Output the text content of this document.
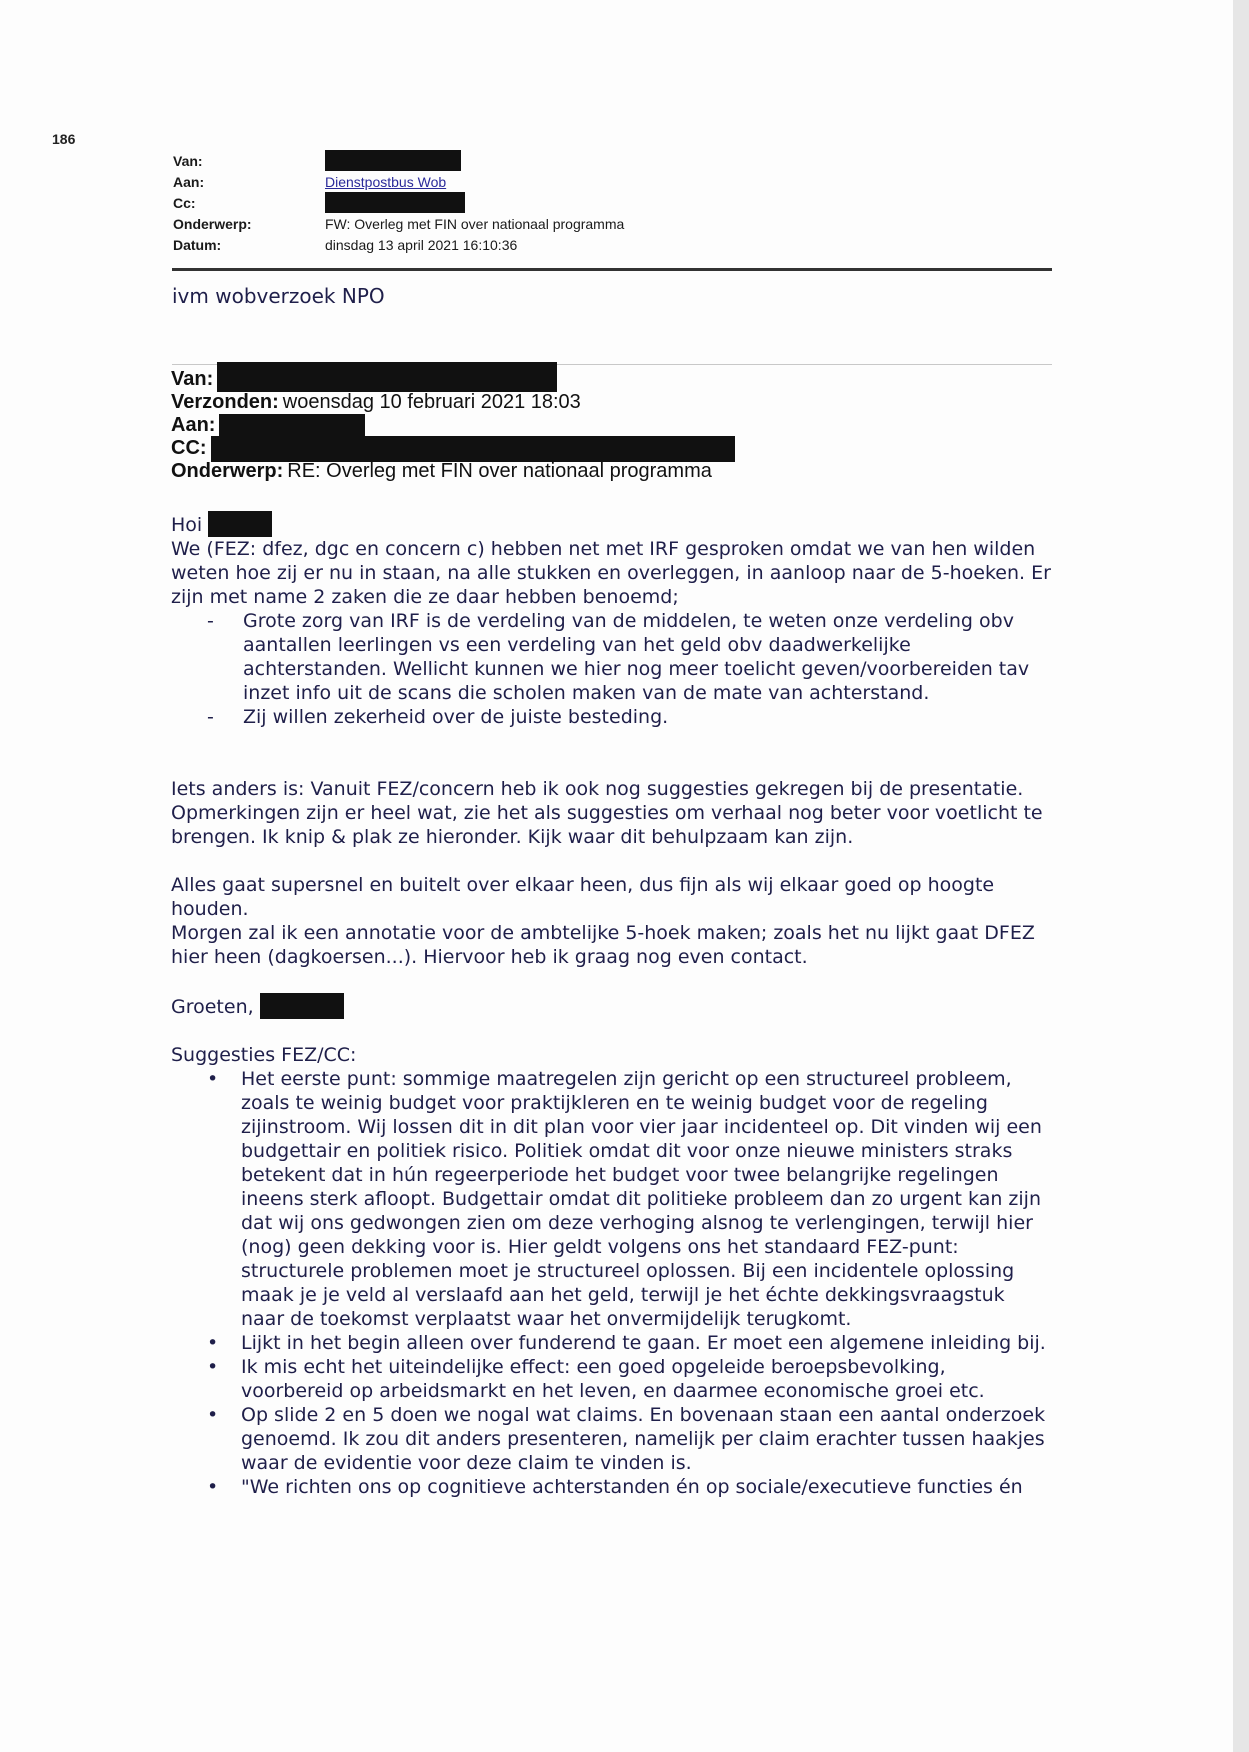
186
Van:
Aan:	Dienstpostbus Wob
Cc:
Onderwerp:	FW: Overleg met FIN over nationaal programma
Datum:	dinsdag 13 april 2021 16:10:36
ivm wobverzoek NPO
Van:
Verzonden: woensdag 10 februari 2021 18:03
Aan:
CC:
Onderwerp: RE: Overleg met FIN over nationaal programma

Hoi

We (FEZ: dfez, dgc en concern c) hebben net met IRF gesproken omdat we van hen wilden weten hoe zij er nu in staan, na alle stukken en overleggen, in aanloop naar de 5-hoeken. Er zijn met name 2 zaken die ze daar hebben benoemd;

- Grote zorg van IRF is de verdeling van de middelen, te weten onze verdeling obv aantallen leerlingen vs een verdeling van het geld obv daadwerkelijke achterstanden. Wellicht kunnen we hier nog meer toelicht geven/voorbereiden tav inzet info uit de scans die scholen maken van de mate van achterstand.
- Zij willen zekerheid over de juiste besteding.

Iets anders is: Vanuit FEZ/concern heb ik ook nog suggesties gekregen bij de presentatie. Opmerkingen zijn er heel wat, zie het als suggesties om verhaal nog beter voor voetlicht te brengen. Ik knip & plak ze hieronder. Kijk waar dit behulpzaam kan zijn.

Alles gaat supersnel en buitelt over elkaar heen, dus fijn als wij elkaar goed op hoogte houden.

Morgen zal ik een annotatie voor de ambtelijke 5-hoek maken; zoals het nu lijkt gaat DFEZ hier heen (dagkoersen...). Hiervoor heb ik graag nog even contact.

Groeten,

Suggesties FEZ/CC:

• Het eerste punt: sommige maatregelen zijn gericht op een structureel probleem, zoals te weinig budget voor praktijkleren en te weinig budget voor de regeling zijinstroom. Wij lossen dit in dit plan voor vier jaar incidenteel op. Dit vinden wij een budgettair en politiek risico. Politiek omdat dit voor onze nieuwe ministers straks betekent dat in hún regeerperiode het budget voor twee belangrijke regelingen ineens sterk afloopt. Budgettair omdat dit politieke probleem dan zo urgent kan zijn dat wij ons gedwongen zien om deze verhoging alsnog te verlengingen, terwijl hier (nog) geen dekking voor is. Hier geldt volgens ons het standaard FEZ-punt: structurele problemen moet je structureel oplossen. Bij een incidentele oplossing maak je je veld al verslaafd aan het geld, terwijl je het échte dekkingsvraagstuk naar de toekomst verplaatst waar het onvermijdelijk terugkomt.
• Lijkt in het begin alleen over funderend te gaan. Er moet een algemene inleiding bij.
• Ik mis echt het uiteindelijke effect: een goed opgeleide beroepsbevolking, voorbereid op arbeidsmarkt en het leven, en daarmee economische groei etc.
• Op slide 2 en 5 doen we nogal wat claims. En bovenaan staan een aantal onderzoek genoemd. Ik zou dit anders presenteren, namelijk per claim erachter tussen haakjes waar de evidentie voor deze claim te vinden is.
• "We richten ons op cognitieve achterstanden én op sociale/executieve functies én
